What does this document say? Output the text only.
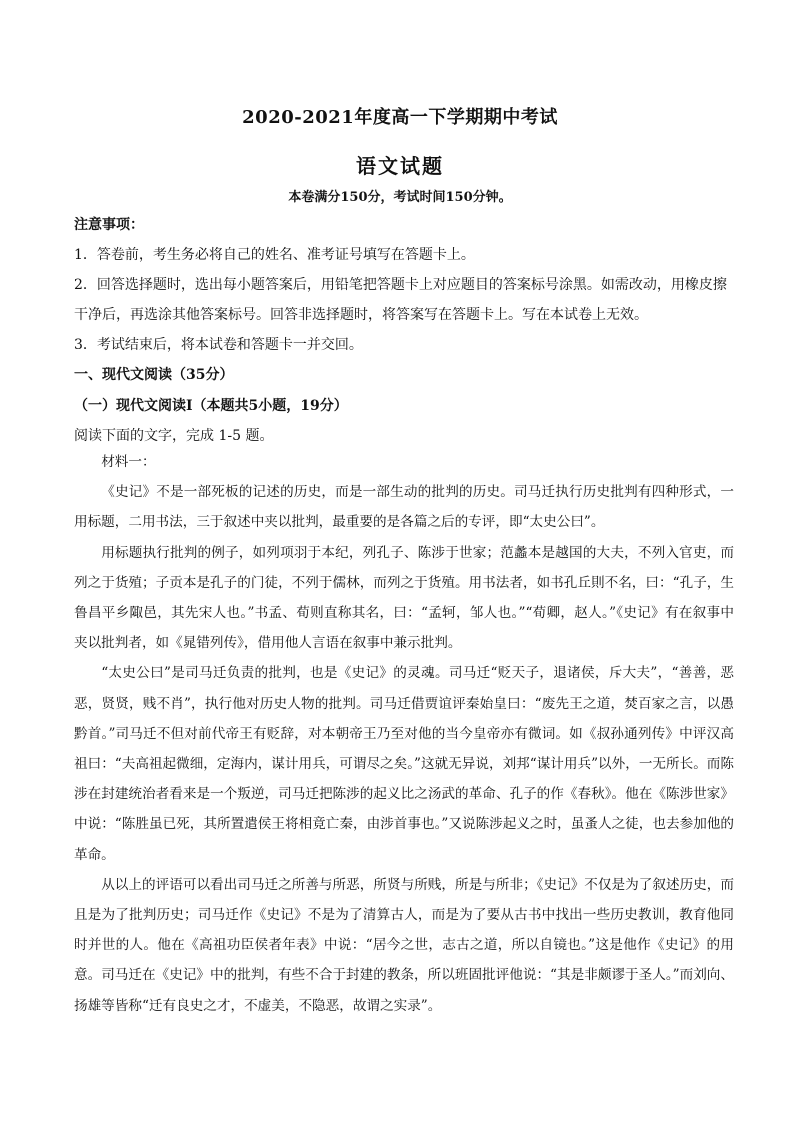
2020-2021年度高一下学期期中考试
语文试题
本卷满分150分，考试时间150分钟。
注意事项：
1．答卷前，考生务必将自己的姓名、准考证号填写在答题卡上。
2．回答选择题时，选出每小题答案后，用铅笔把答题卡上对应题目的答案标号涂黑。如需改动，用橡皮擦干净后，再选涂其他答案标号。回答非选择题时，将答案写在答题卡上。写在本试卷上无效。
3．考试结束后，将本试卷和答题卡一并交回。
一、现代文阅读（35分）
（一）现代文阅读Ⅰ（本题共5小题，19分）
阅读下面的文字，完成 1-5 题。

材料一：

《史记》不是一部死板的记述的历史，而是一部生动的批判的历史。司马迁执行历史批判有四种形式，一用标题，二用书法，三于叙述中夹以批判，最重要的是各篇之后的专评，即“太史公曰”。

用标题执行批判的例子，如列项羽于本纪，列孔子、陈涉于世家；范蠡本是越国的大夫，不列入官吏，而列之于货殖；子贡本是孔子的门徒，不列于儒林，而列之于货殖。用书法者，如书孔丘則不名，曰：“孔子，生鲁昌平乡陬邑，其先宋人也。”书孟、荀则直称其名，曰：“孟轲，邹人也。”“荀卿，赵人。”《史记》有在叙事中夹以批判者，如《晁错列传》，借用他人言语在叙事中兼示批判。

“太史公曰”是司马迁负责的批判，也是《史记》的灵魂。司马迁“贬天子，退诸侯，斥大夫”，“善善，恶恶，贤贤，贱不肖”，执行他对历史人物的批判。司马迁借贾谊评秦始皇曰：“废先王之道，焚百家之言，以愚黔首。”司马迁不但对前代帝王有贬辞，对本朝帝王乃至对他的当今皇帝亦有微词。如《叔孙通列传》中评汉高祖曰：“夫高祖起微细，定海内，谋计用兵，可谓尽之矣。”这就无异说，刘邦“谋计用兵”以外，一无所长。而陈涉在封建统治者看来是一个叛逆，司马迁把陈涉的起义比之汤武的革命、孔子的作《春秋》。他在《陈涉世家》中说：“陈胜虽已死，其所置遣侯王将相竟亡秦，由涉首事也。”又说陈涉起义之时，虽蚤人之徒，也去参加他的革命。

从以上的评语可以看出司马迁之所善与所恶，所贤与所贱，所是与所非；《史记》不仅是为了叙述历史，而且是为了批判历史；司马迁作《史记》不是为了清算古人，而是为了要从古书中找出一些历史教训，教育他同时并世的人。他在《高祖功臣侯者年表》中说：“居今之世，志古之道，所以自镜也。”这是他作《史记》的用意。司马迁在《史记》中的批判，有些不合于封建的教条，所以班固批评他说：“其是非颇谬于圣人。”而刘向、扬雄等皆称“迁有良史之才，不虚美，不隐恶，故谓之实录”。
